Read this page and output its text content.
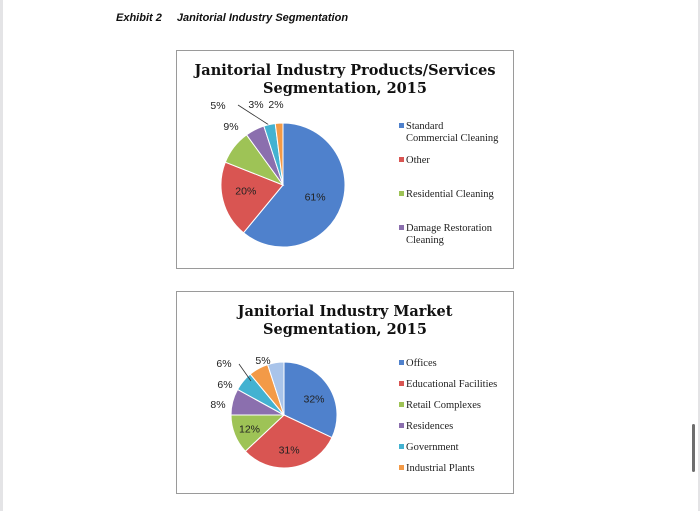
Exhibit 2 Janitorial Industry Segmentation
Janitorial Industry Products/Services
Segmentation, 2015
61%
20%
9%
5% 3% 2%
Standard
Commercial Cleaning
Other
Residential Cleaning
Damage Restoration
Cleaning
Janitorial Industry Market
Segmentation, 2015
32%
31%
12%
8%
6%
6% 5%	Offices
Educational Facilities
Retail Complexes
Residences
Government
Industrial Plants
